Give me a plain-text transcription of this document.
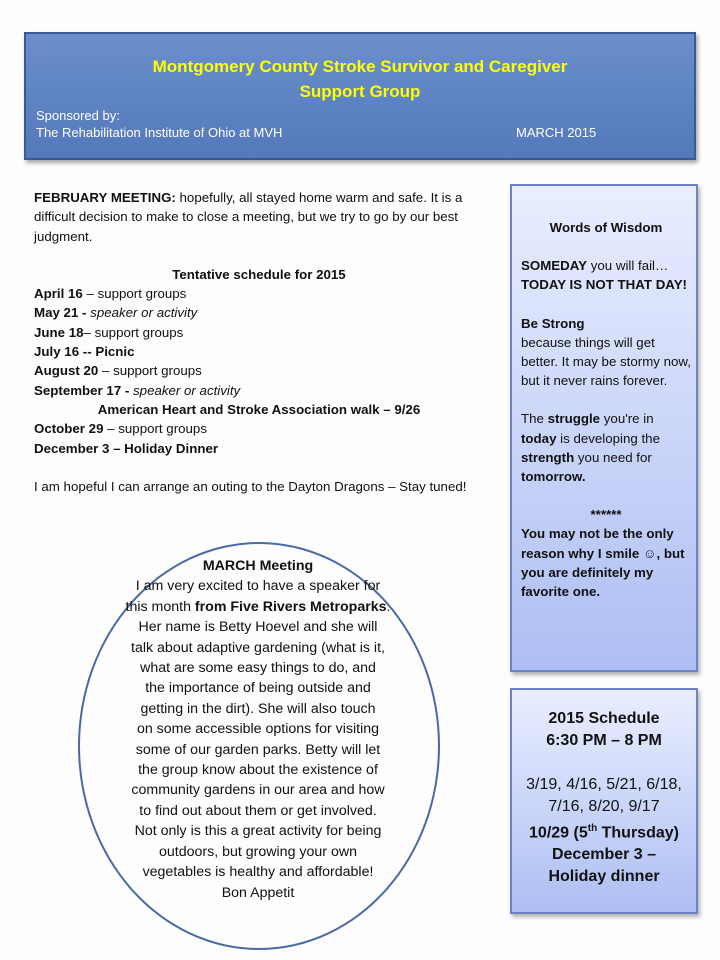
Montgomery County Stroke Survivor and Caregiver
Support Group
Sponsored by:
The Rehabilitation Institute of Ohio at MVH	MARCH 2015

FEBRUARY MEETING: hopefully, all stayed home warm and safe. It is a difficult decision to make to close a meeting, but we try to go by our best judgment.

Tentative schedule for 2015

April 16 – support groups
May 21 - speaker or activity
June 18– support groups
July 16 -- Picnic
August 20 – support groups
September 17 - speaker or activity

American Heart and Stroke Association walk – 9/26

October 29 – support groups
December 3 – Holiday Dinner

I am hopeful I can arrange an outing to the Dayton Dragons – Stay tuned!

MARCH Meeting
I am very excited to have a speaker for
this month from Five Rivers Metroparks.
Her name is Betty Hoevel and she will
talk about adaptive gardening (what is it,
what are some easy things to do, and
the importance of being outside and
getting in the dirt). She will also touch
on some accessible options for visiting
some of our garden parks. Betty will let
the group know about the existence of
community gardens in our area and how
to find out about them or get involved.
Not only is this a great activity for being
outdoors, but growing your own
vegetables is healthy and affordable!
Bon Appetit

Words of Wisdom

SOMEDAY you will fail…
TODAY IS NOT THAT DAY!

Be Strong
because things will get better. It may be stormy now, but it never rains forever.

The struggle you're in today is developing the strength you need for tomorrow.

******

You may not be the only reason why I smile ☺, but you are definitely my favorite one.

2015 Schedule

6:30 PM – 8 PM

3/19, 4/16, 5/21, 6/18, 7/16, 8/20, 9/17

10/29 (5th Thursday)

December 3 –

Holiday dinner
